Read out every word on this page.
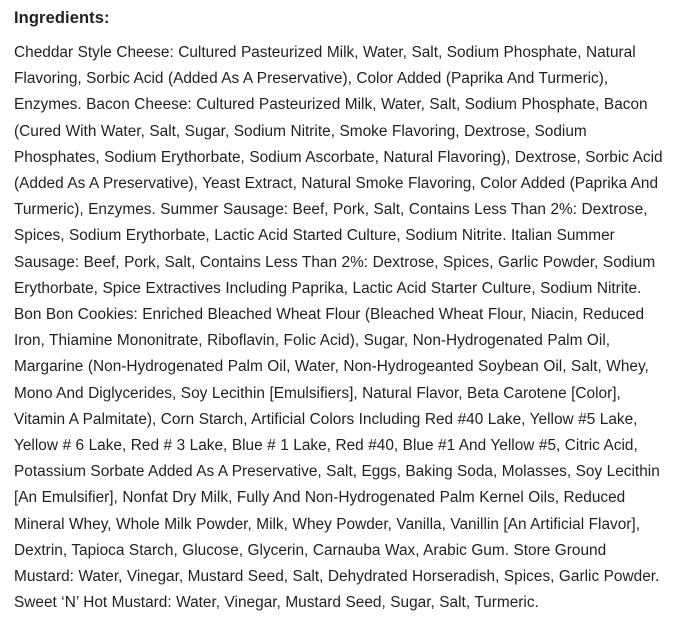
Ingredients:

Cheddar Style Cheese: Cultured Pasteurized Milk, Water, Salt, Sodium Phosphate, Natural Flavoring, Sorbic Acid (Added As A Preservative), Color Added (Paprika And Turmeric), Enzymes. Bacon Cheese: Cultured Pasteurized Milk, Water, Salt, Sodium Phosphate, Bacon (Cured With Water, Salt, Sugar, Sodium Nitrite, Smoke Flavoring, Dextrose, Sodium Phosphates, Sodium Erythorbate, Sodium Ascorbate, Natural Flavoring), Dextrose, Sorbic Acid (Added As A Preservative), Yeast Extract, Natural Smoke Flavoring, Color Added (Paprika And Turmeric), Enzymes. Summer Sausage: Beef, Pork, Salt, Contains Less Than 2%: Dextrose, Spices, Sodium Erythorbate, Lactic Acid Started Culture, Sodium Nitrite. Italian Summer Sausage: Beef, Pork, Salt, Contains Less Than 2%: Dextrose, Spices, Garlic Powder, Sodium Erythorbate, Spice Extractives Including Paprika, Lactic Acid Starter Culture, Sodium Nitrite. Bon Bon Cookies: Enriched Bleached Wheat Flour (Bleached Wheat Flour, Niacin, Reduced Iron, Thiamine Mononitrate, Riboflavin, Folic Acid), Sugar, Non-Hydrogenated Palm Oil, Margarine (Non-Hydrogenated Palm Oil, Water, Non-Hydrogeanted Soybean Oil, Salt, Whey, Mono And Diglycerides, Soy Lecithin [Emulsifiers], Natural Flavor, Beta Carotene [Color], Vitamin A Palmitate), Corn Starch, Artificial Colors Including Red #40 Lake, Yellow #5 Lake, Yellow # 6 Lake, Red # 3 Lake, Blue # 1 Lake, Red #40, Blue #1 And Yellow #5, Citric Acid, Potassium Sorbate Added As A Preservative, Salt, Eggs, Baking Soda, Molasses, Soy Lecithin [An Emulsifier], Nonfat Dry Milk, Fully And Non-Hydrogenated Palm Kernel Oils, Reduced Mineral Whey, Whole Milk Powder, Milk, Whey Powder, Vanilla, Vanillin [An Artificial Flavor], Dextrin, Tapioca Starch, Glucose, Glycerin, Carnauba Wax, Arabic Gum. Store Ground Mustard: Water, Vinegar, Mustard Seed, Salt, Dehydrated Horseradish, Spices, Garlic Powder. Sweet ‘N’ Hot Mustard: Water, Vinegar, Mustard Seed, Sugar, Salt, Turmeric.
